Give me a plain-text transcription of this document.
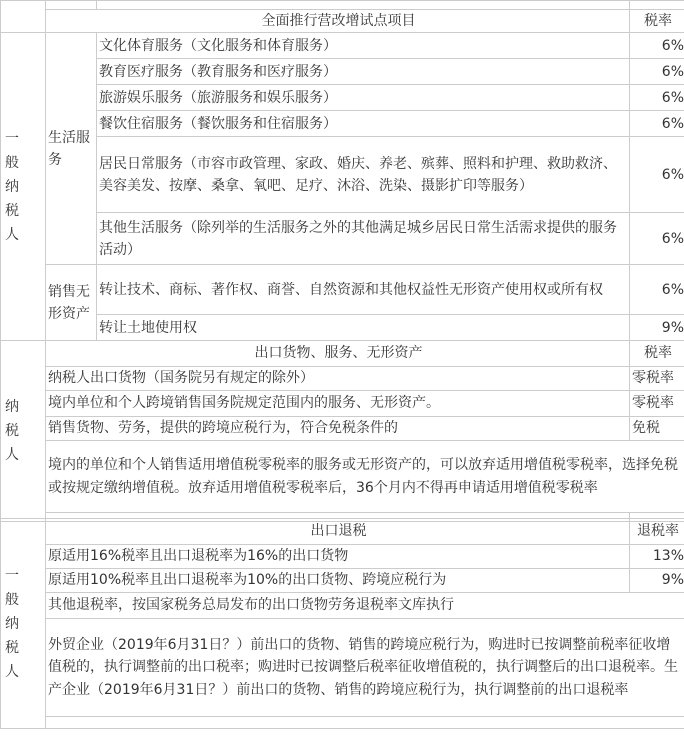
	全面推行营改增试点项目		税率
一般纳税人	生活服务	文化体育服务（文化服务和体育服务）	6%
		教育医疗服务（教育服务和医疗服务）	6%
		旅游娱乐服务（旅游服务和娱乐服务）	6%
		餐饮住宿服务（餐饮服务和住宿服务）	6%
		居民日常服务（市容市政管理、家政、婚庆、养老、殡葬、照料和护理、救助救济、美容美发、按摩、桑拿、氧吧、足疗、沐浴、洗染、摄影扩印等服务）	6%
		其他生活服务（除列举的生活服务之外的其他满足城乡居民日常生活需求提供的服务活动）	6%
	销售无形资产	转让技术、商标、著作权、商誉、自然资源和其他权益性无形资产使用权或所有权	6%
		转让土地使用权	9%
纳税人	出口货物、服务、无形资产	税率
	纳税人出口货物（国务院另有规定的除外）	零税率
	境内单位和个人跨境销售国务院规定范围内的服务、无形资产。	零税率
	销售货物、劳务，提供的跨境应税行为，符合免税条件的	免税
	境内的单位和个人销售适用增值税零税率的服务或无形资产的，可以放弃适用增值税零税率，选择免税或按规定缴纳增值税。放弃适用增值税零税率后，36个月内不得再申请适用增值税零税率	

一般纳税人	出口退税	退税率
	原适用16%税率且出口退税率为16%的出口货物	13%
	原适用10%税率且出口退税率为10%的出口货物、跨境应税行为	9%
	其他退税率，按国家税务总局发布的出口货物劳务退税率文库执行	
	外贸企业（2019年6月31日？）前出口的货物、销售的跨境应税行为，购进时已按调整前税率征收增值税的，执行调整前的出口税率；购进时已按调整后税率征收增值税的，执行调整后的出口退税率。生产企业（2019年6月31日？）前出口的货物、销售的跨境应税行为，执行调整前的出口退税率	
